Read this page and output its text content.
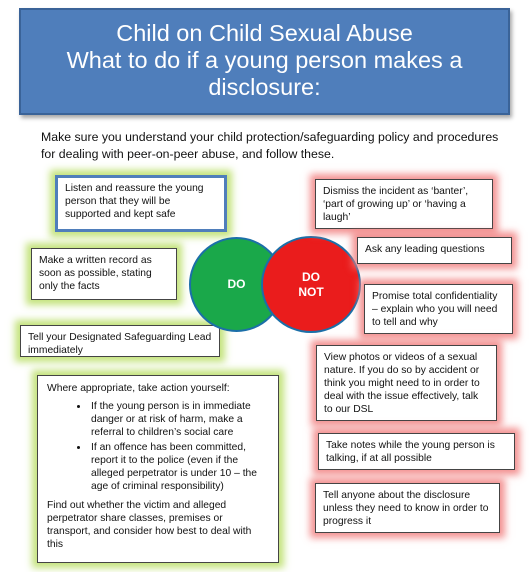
Child on Child Sexual Abuse
What to do if a young person makes a
disclosure:
Make sure you understand your child protection/safeguarding policy and procedures for dealing with peer-on-peer abuse, and follow these.
Listen and reassure the young person that they will be supported and kept safe
Make a written record as soon as possible, stating only the facts
Tell your Designated Safeguarding Lead immediately
Where appropriate, take action yourself:
• If the young person is in immediate danger or at risk of harm, make a referral to children’s social care
• If an offence has been committed, report it to the police (even if the alleged perpetrator is under 10 – the age of criminal responsibility)
Find out whether the victim and alleged perpetrator share classes, premises or transport, and consider how best to deal with this
DO
DO
NOT
Dismiss the incident as ‘banter’, ‘part of growing up’ or ‘having a laugh’
Ask any leading questions
Promise total confidentiality – explain who you will need to tell and why
View photos or videos of a sexual nature. If you do so by accident or think you might need to in order to deal with the issue effectively, talk to our DSL
Take notes while the young person is talking, if at all possible
Tell anyone about the disclosure unless they need to know in order to progress it
